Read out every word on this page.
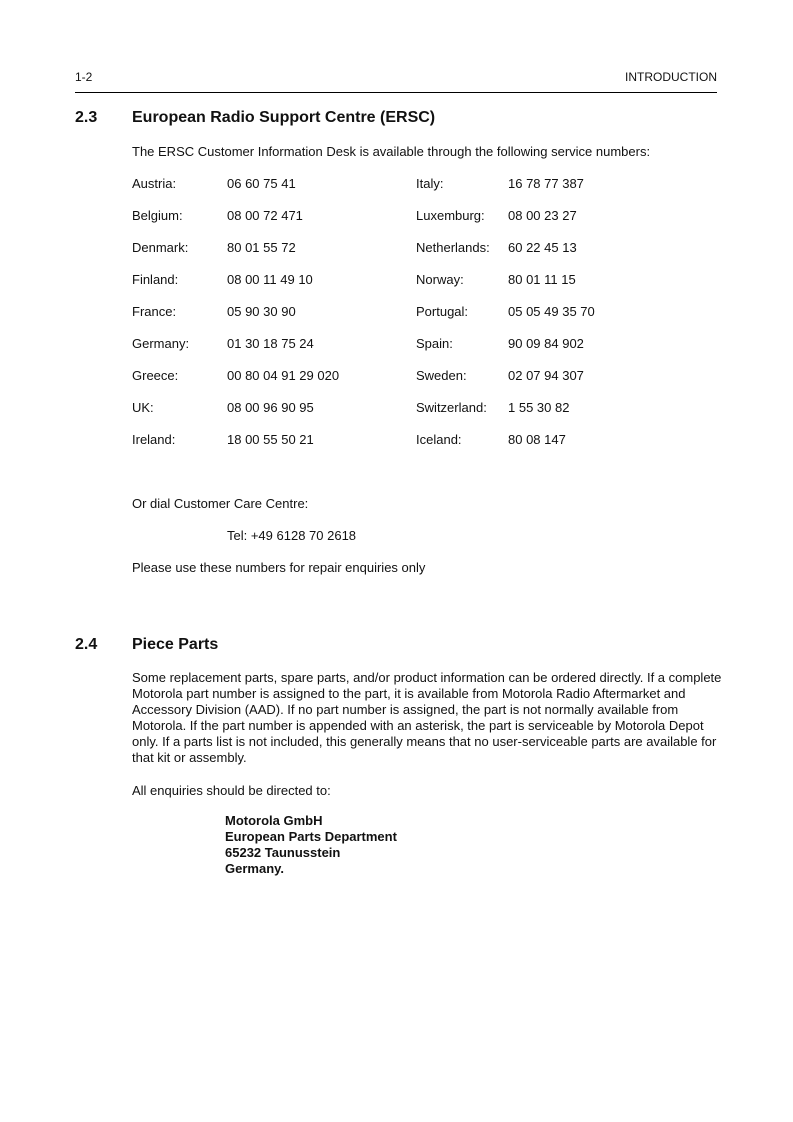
1-2	INTRODUCTION
2.3 European Radio Support Centre (ERSC)
The ERSC Customer Information Desk is available through the following service numbers:
Austria:	06 60 75 41	Italy:	16 78 77 387
Belgium:	08 00 72 471	Luxemburg: 08 00 23 27
Denmark:	80 01 55 72	Netherlands: 60 22 45 13
Finland:	08 00 11 49 10	Norway:	80 01 11 15
France:	05 90 30 90	Portugal:	05 05 49 35 70
Germany:	01 30 18 75 24	Spain:	90 09 84 902
Greece:	00 80 04 91 29 020	Sweden:	02 07 94 307
UK:	08 00 96 90 95	Switzerland: 1 55 30 82
Ireland:	18 00 55 50 21	Iceland:	80 08 147
Or dial Customer Care Centre:
Tel: +49 6128 70 2618
Please use these numbers for repair enquiries only
2.4 Piece Parts
Some replacement parts, spare parts, and/or product information can be ordered directly. If a complete Motorola part number is assigned to the part, it is available from Motorola Radio Aftermarket and Accessory Division (AAD). If no part number is assigned, the part is not normally available from Motorola. If the part number is appended with an asterisk, the part is serviceable by Motorola Depot only. If a parts list is not included, this generally means that no user-serviceable parts are available for that kit or assembly.
All enquiries should be directed to:
Motorola GmbH
European Parts Department
65232 Taunusstein
Germany.
